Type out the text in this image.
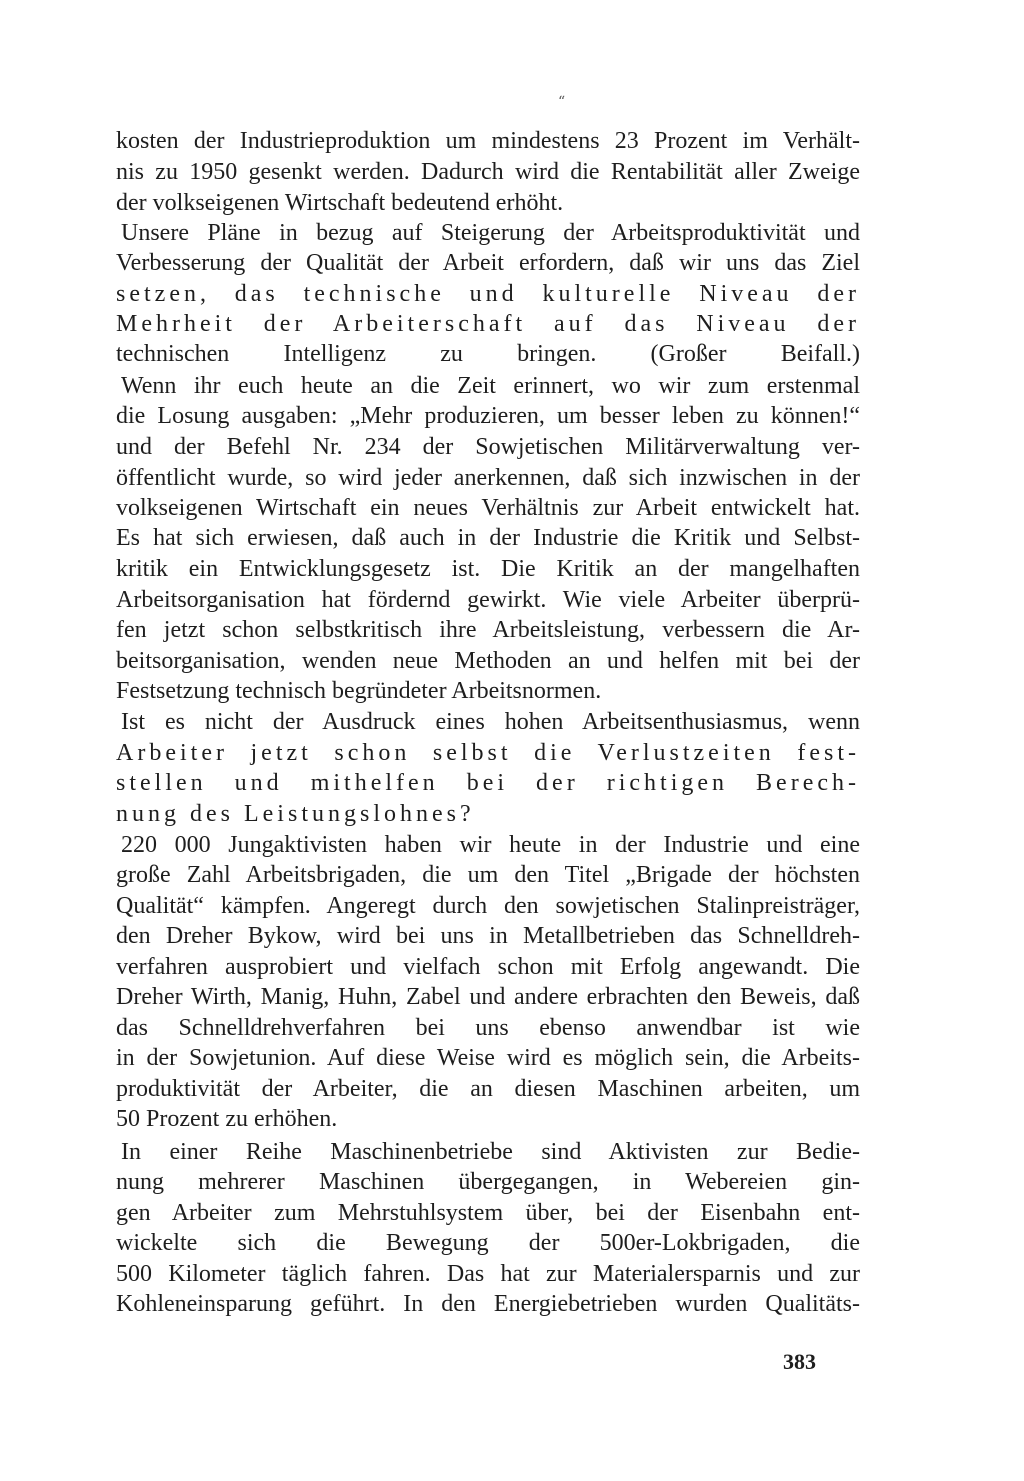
“
kosten der Industrieproduktion um mindestens 23 Prozent im Verhält-
nis zu 1950 gesenkt werden. Dadurch wird die Rentabilität aller Zweige
der volkseigenen Wirtschaft bedeutend erhöht.
Unsere Pläne in bezug auf Steigerung der Arbeitsproduktivität und
Verbesserung der Qualität der Arbeit erfordern, daß wir uns das Ziel
setzen, das technische und kulturelle Niveau der
Mehrheit der Arbeiterschaft auf das Niveau der
technischen Intelligenz zu bringen. (Großer Beifall.)
Wenn ihr euch heute an die Zeit erinnert, wo wir zum erstenmal
die Losung ausgaben: „Mehr produzieren, um besser leben zu können!“
und der Befehl Nr. 234 der Sowjetischen Militärverwaltung ver-
öffentlicht wurde, so wird jeder anerkennen, daß sich inzwischen in der
volkseigenen Wirtschaft ein neues Verhältnis zur Arbeit entwickelt hat.
Es hat sich erwiesen, daß auch in der Industrie die Kritik und Selbst-
kritik ein Entwicklungsgesetz ist. Die Kritik an der mangelhaften
Arbeitsorganisation hat fördernd gewirkt. Wie viele Arbeiter überprü-
fen jetzt schon selbstkritisch ihre Arbeitsleistung, verbessern die Ar-
beitsorganisation, wenden neue Methoden an und helfen mit bei der
Festsetzung technisch begründeter Arbeitsnormen.
Ist es nicht der Ausdruck eines hohen Arbeitsenthusiasmus, wenn
Arbeiter jetzt schon selbst die Verlustzeiten fest-
stellen und mithelfen bei der richtigen Berech-
nung des Leistungslohnes?
220 000 Jungaktivisten haben wir heute in der Industrie und eine
große Zahl Arbeitsbrigaden, die um den Titel „Brigade der höchsten
Qualität“ kämpfen. Angeregt durch den sowjetischen Stalinpreisträger,
den Dreher Bykow, wird bei uns in Metallbetrieben das Schnelldreh-
verfahren ausprobiert und vielfach schon mit Erfolg angewandt. Die
Dreher Wirth, Manig, Huhn, Zabel und andere erbrachten den Beweis, daß
das Schnelldrehverfahren bei uns ebenso anwendbar ist wie
in der Sowjetunion. Auf diese Weise wird es möglich sein, die Arbeits-
produktivität der Arbeiter, die an diesen Maschinen arbeiten, um
50 Prozent zu erhöhen.
In einer Reihe Maschinenbetriebe sind Aktivisten zur Bedie-
nung mehrerer Maschinen übergegangen, in Webereien gin-
gen Arbeiter zum Mehrstuhlsystem über, bei der Eisenbahn ent-
wickelte sich die Bewegung der 500er-Lokbrigaden, die
500 Kilometer täglich fahren. Das hat zur Materialersparnis und zur
Kohleneinsparung geführt. In den Energiebetrieben wurden Qualitäts-
383
